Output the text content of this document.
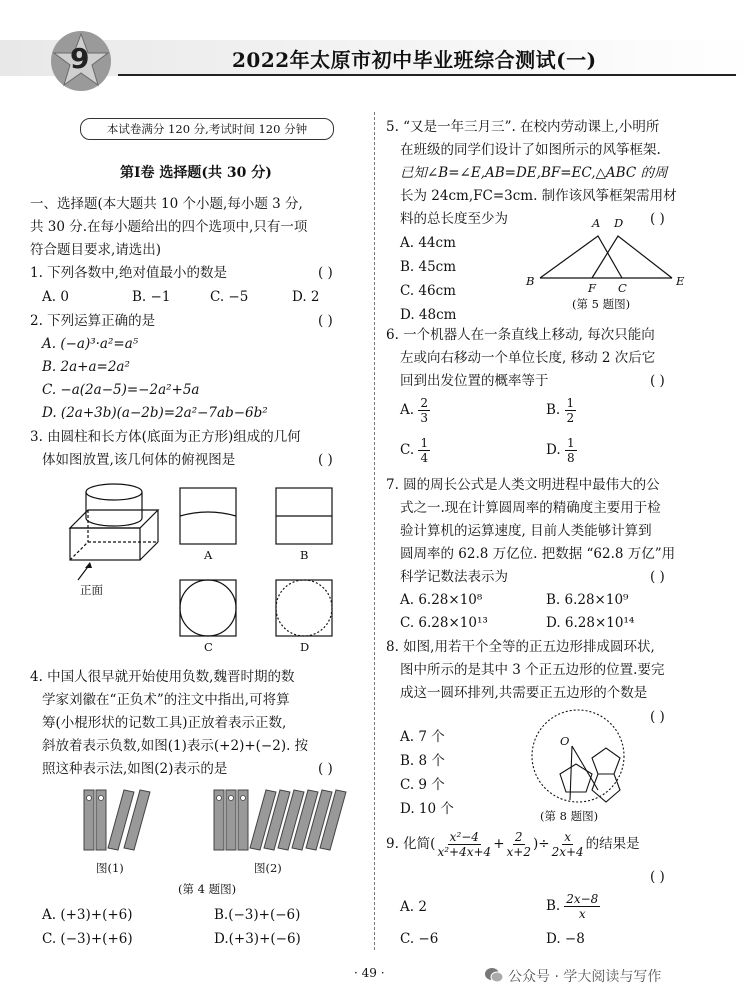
9	2022年太原市初中毕业班综合测试(一)
本试卷满分 120 分,考试时间 120 分钟
第Ⅰ卷 选择题(共 30 分)
一、选择题(本大题共 10 个小题,每小题 3 分,
共 30 分.在每小题给出的四个选项中,只有一项
符合题目要求,请选出)
1. 下列各数中,绝对值最小的数是	( )
A. 0	B. −1	C. −5	D. 2
2. 下列运算正确的是	( )
A. (−a)³·a²=a⁵
B. 2a+a=2a²
C. −a(2a−5)=−2a²+5a
D. (2a+3b)(a−2b)=2a²−7ab−6b²
3. 由圆柱和长方体(底面为正方形)组成的几何
体如图放置,该几何体的俯视图是	( )
正面
A	B
C	D
4. 中国人很早就开始使用负数,魏晋时期的数
学家刘徽在“正负术”的注文中指出,可将算
筹(小棍形状的记数工具)正放着表示正数,
斜放着表示负数,如图(1)表示(+2)+(−2). 按
照这种表示法,如图(2)表示的是	( )
图(1)	图(2)
(第 4 题图)
A. (+3)+(+6)	B.(−3)+(−6)
C. (−3)+(+6)	D.(+3)+(−6)
5. “又是一年三月三”. 在校内劳动课上,小明所
在班级的同学们设计了如图所示的风筝框架.
已知∠B=∠E,AB=DE,BF=EC,△ABC 的周
长为 24cm,FC=3cm. 制作该风筝框架需用材
料的总长度至少为	( )
A. 44cm
B. 45cm
C. 46cm
D. 48cm
A D
B	F C	E
(第 5 题图)
6. 一个机器人在一条直线上移动, 每次只能向
左或向右移动一个单位长度, 移动 2 次后它
回到出发位置的概率等于	( )
A. $\frac{2}{3}$	B. $\frac{1}{2}$
C. $\frac{1}{4}$	D. $\frac{1}{8}$
7. 圆的周长公式是人类文明进程中最伟大的公
式之一.现在计算圆周率的精确度主要用于检
验计算机的运算速度, 目前人类能够计算到
圆周率的 62.8 万亿位. 把数据 “62.8 万亿”用
科学记数法表示为	( )
A. 6.28×10⁸	B. 6.28×10⁹
C. 6.28×10¹³	D. 6.28×10¹⁴
8. 如图,用若干个全等的正五边形排成圆环状,
图中所示的是其中 3 个正五边形的位置.要完
成这一圆环排列,共需要正五边形的个数是
( )
A. 7 个
B. 8 个
C. 9 个
D. 10 个
O
(第 8 题图)
9. 化简( $\frac{\text{x²−4}}{\text{x²+4x+4}} + \frac{2}{x+2}$ )÷ $\frac{x}{2x+4}$ 的结果是
( )
A. 2	B. $\frac{2x-8}{x}$
C. −6	D. −8
· 49 ·	公众号 · 学大阅读与写作
